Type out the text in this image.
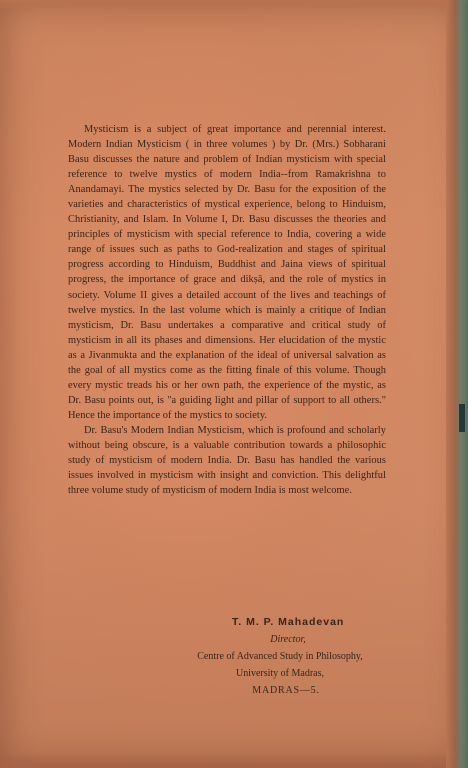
Mysticism is a subject of great importance and perennial interest. Modern Indian Mysticism ( in three volumes ) by Dr. (Mrs.) Sobharani Basu discusses the nature and problem of Indian mysticism with special reference to twelve mystics of modern India--from Ramakrishna to Anandamayi. The mystics selected by Dr. Basu for the exposition of the varieties and characteristics of mystical experience, belong to Hinduism, Christianity, and Islam. In Volume I, Dr. Basu discusses the theories and principles of mysticism with special reference to India, covering a wide range of issues such as paths to God-realization and stages of spiritual progress according to Hinduism, Buddhist and Jaina views of spiritual progress, the importance of grace and dikṣā, and the role of mystics in society. Volume II gives a detailed account of the lives and teachings of twelve mystics. In the last volume which is mainly a critique of Indian mysticism, Dr. Basu undertakes a comparative and critical study of mysticism in all its phases and dimensions. Her elucidation of the mystic as a Jivanmukta and the explanation of the ideal of universal salvation as the goal of all mystics come as the fitting finale of this volume. Though every mystic treads his or her own path, the experience of the mystic, as Dr. Basu points out, is "a guiding light and pillar of support to all others." Hence the importance of the mystics to society.

Dr. Basu's Modern Indian Mysticism, which is profound and scholarly without being obscure, is a valuable contribution towards a philosophic study of mysticism of modern India. Dr. Basu has handled the various issues involved in mysticism with insight and conviction. This delightful three volume study of mysticism of modern India is most welcome.

T. M. P. Mahadevan
Director,
Centre of Advanced Study in Philosophy,
University of Madras,
MADRAS—5.
